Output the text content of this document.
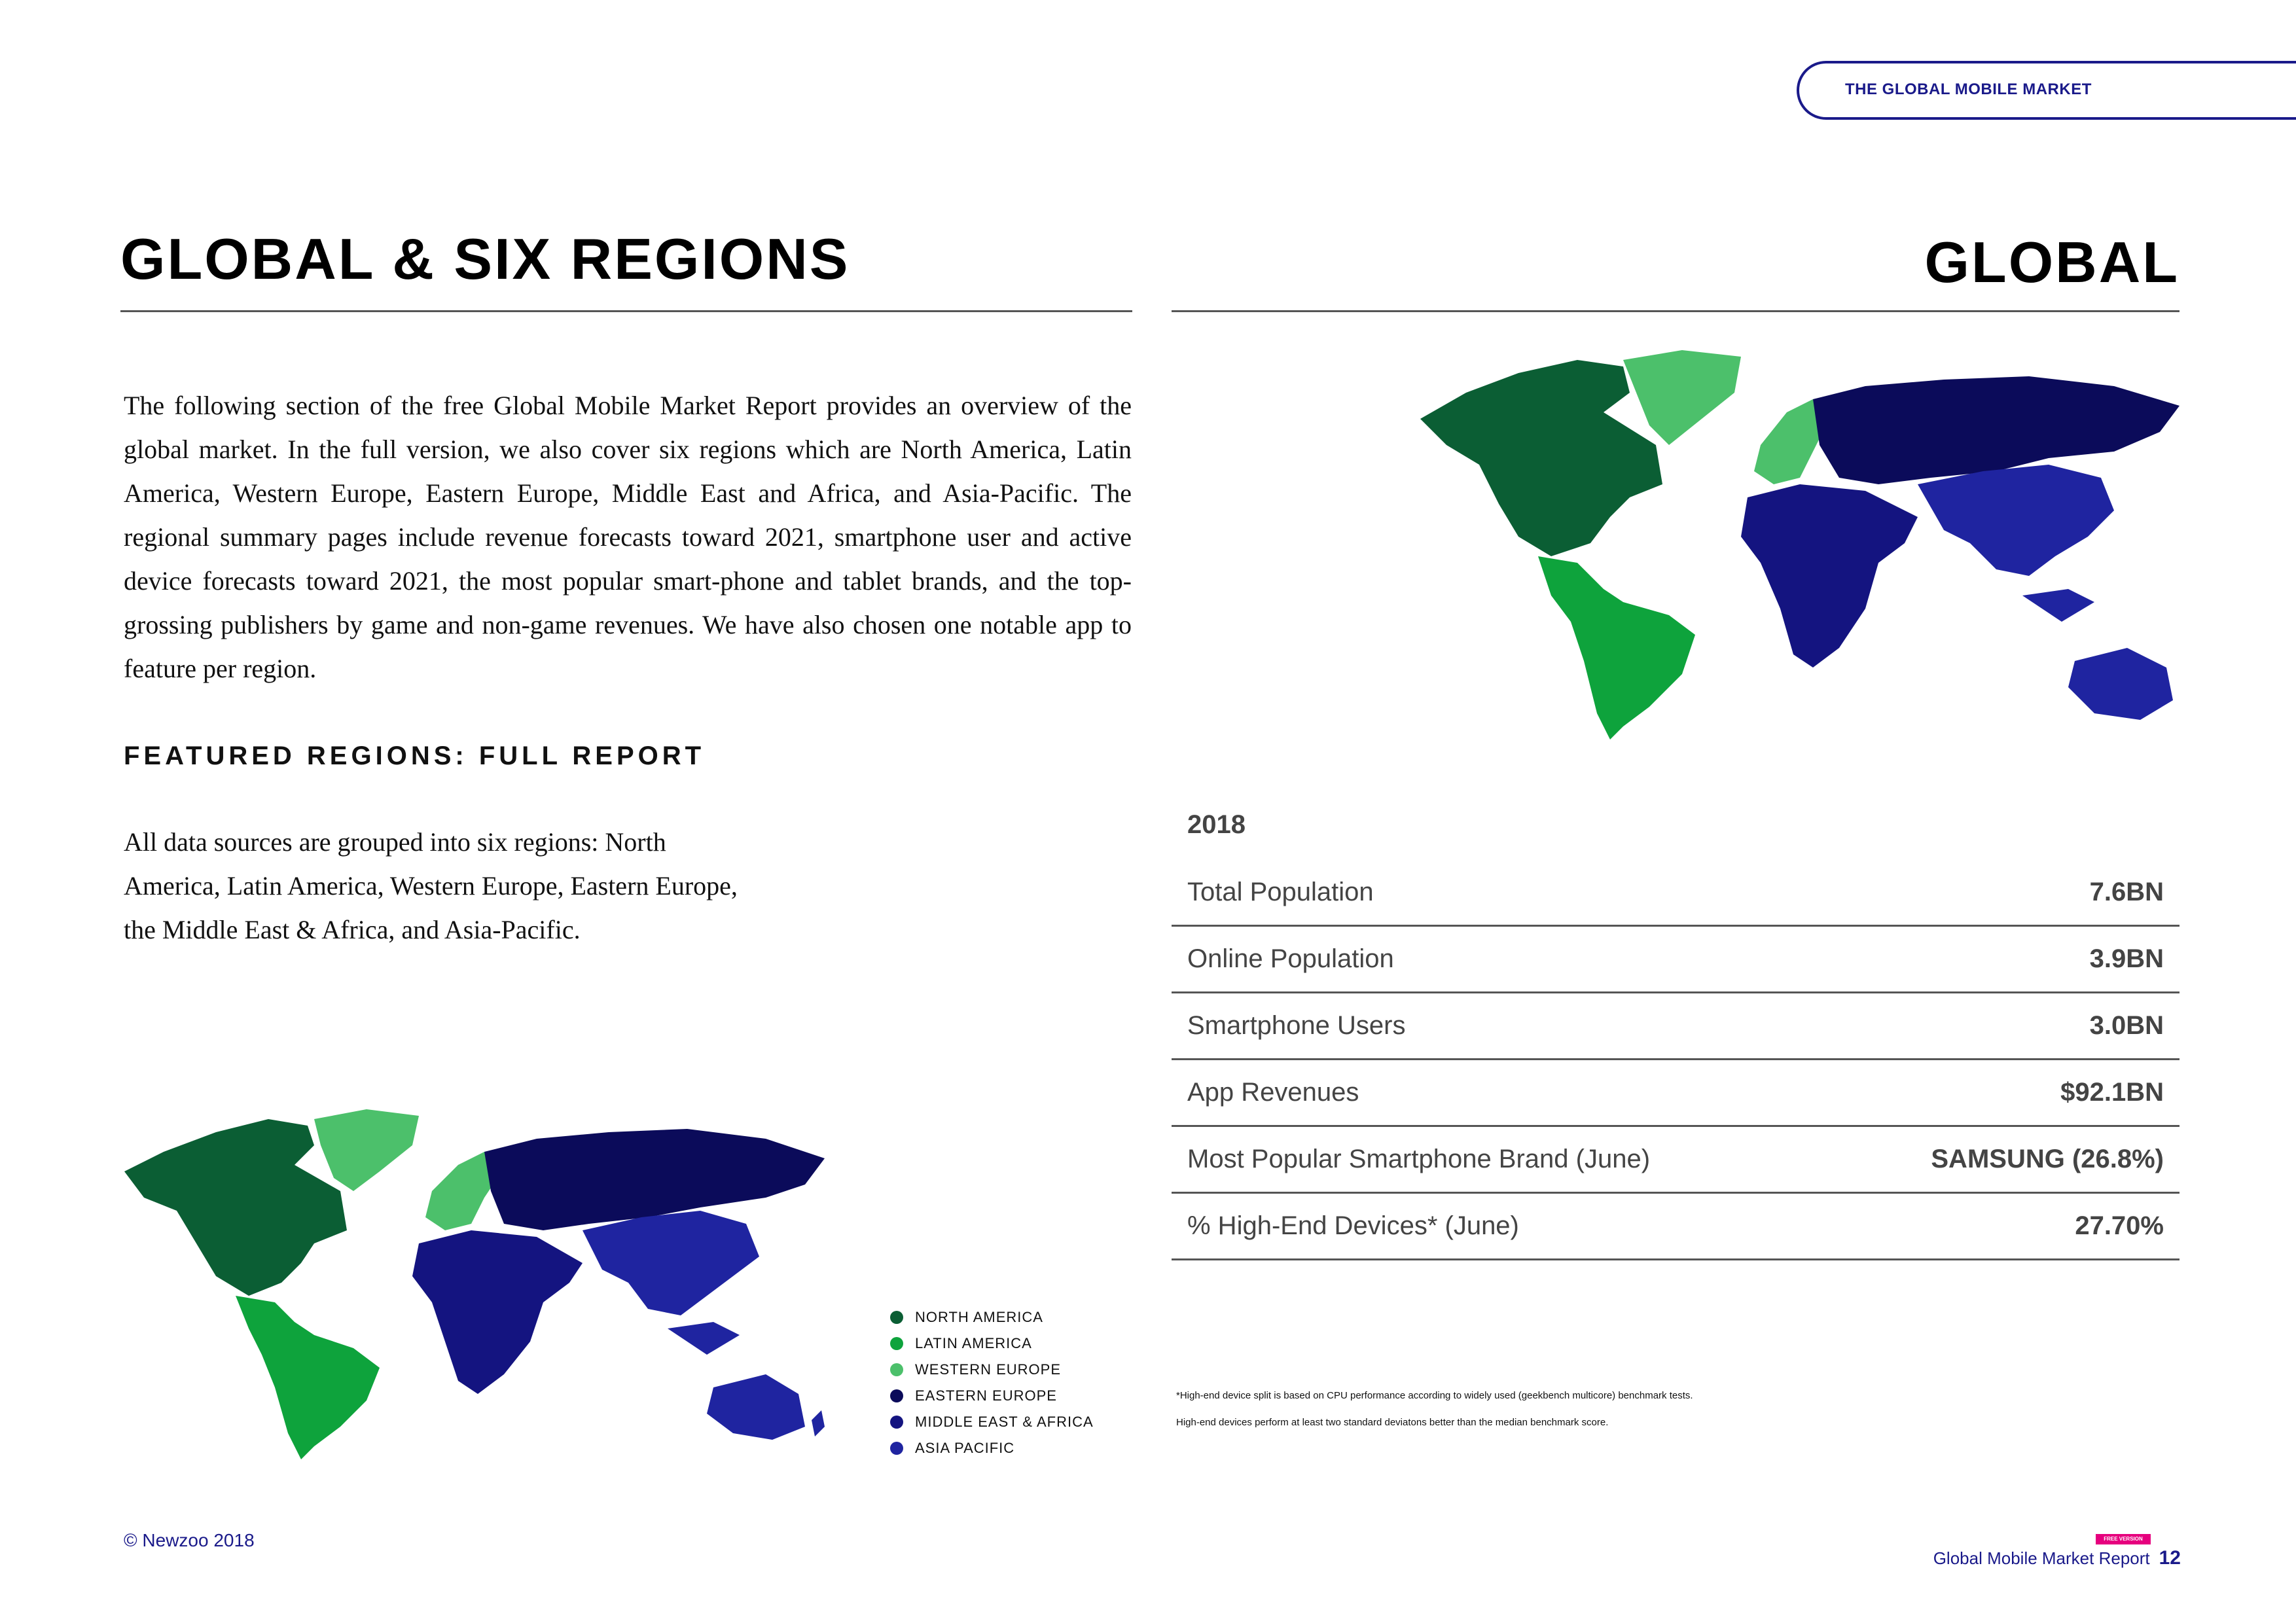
THE GLOBAL MOBILE MARKET
GLOBAL & SIX REGIONS	GLOBAL
The following section of the free Global Mobile Market Report provides an overview of the global market. In the full version, we also cover six regions which are North America, Latin America, Western Europe, Eastern Europe, Middle East and Africa, and Asia-Pacific. The regional summary pages include revenue forecasts toward 2021, smartphone user and active device forecasts toward 2021, the most popular smart-phone and tablet brands, and the top-grossing publishers by game and non-game revenues. We have also chosen one notable app to feature per region.
FEATURED REGIONS: FULL REPORT
All data sources are grouped into six regions: North America, Latin America, Western Europe, Eastern Europe, the Middle East & Africa, and Asia-Pacific.
NORTH AMERICA
LATIN AMERICA
WESTERN EUROPE
EASTERN EUROPE
MIDDLE EAST & AFRICA
ASIA PACIFIC
2018
Total Population	7.6BN
Online Population	3.9BN
Smartphone Users	3.0BN
App Revenues	$92.1BN
Most Popular Smartphone Brand (June)	SAMSUNG (26.8%)
% High-End Devices* (June)	27.70%
*High-end device split is based on CPU performance according to widely used (geekbench multicore) benchmark tests.
High-end devices perform at least two standard deviatons better than the median benchmark score.
© Newzoo 2018	FREE VERSION
Global Mobile Market Report 12
